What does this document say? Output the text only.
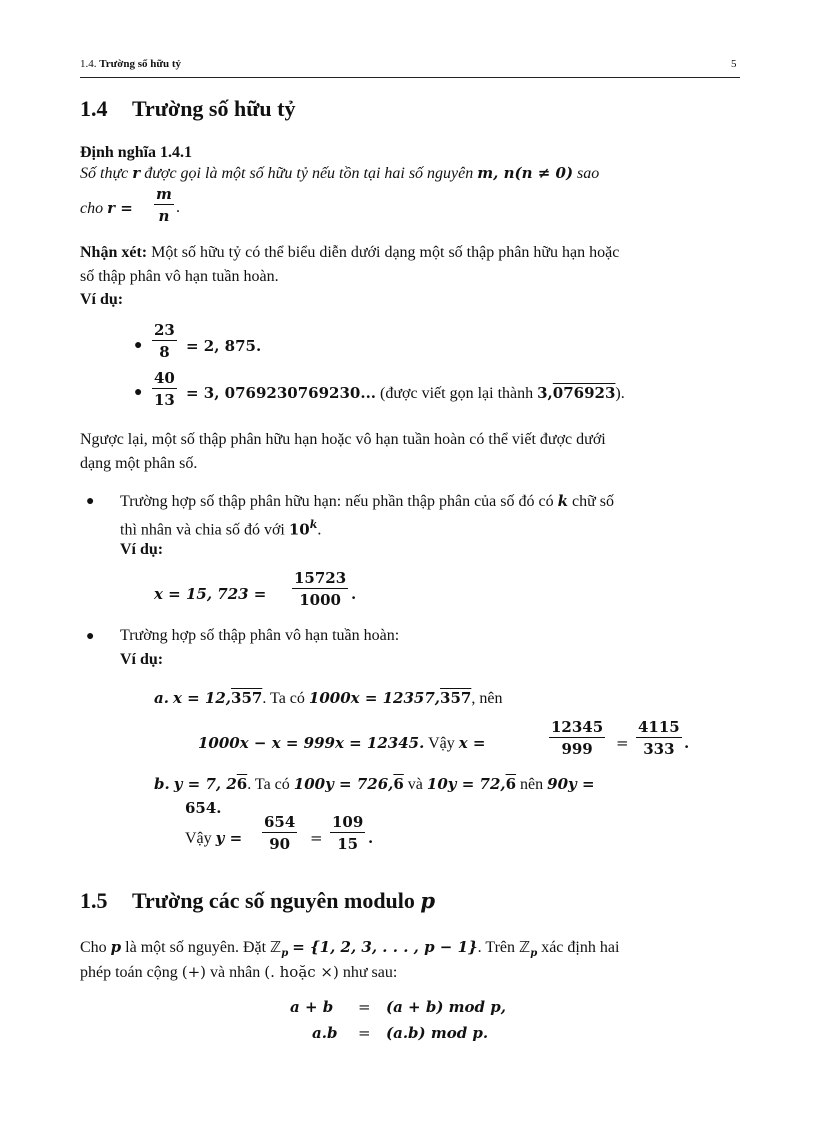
1.4. Trường số hữu tỷ	5
1.4 Trường số hữu tỷ
Định nghĩa 1.4.1
Số thực r được gọi là một số hữu tỷ nếu tồn tại hai số nguyên m, n(n ≠ 0) sao
cho r =
m
n .
Nhận xét: Một số hữu tỷ có thể biểu diễn dưới dạng một số thập phân hữu hạn hoặc
số thập phân vô hạn tuần hoàn.
Ví dụ:
●
23
8	= 2, 875.
●
40
13 = 3, 0769230769230... (được viết gọn lại thành 3,076923).
Ngược lại, một số thập phân hữu hạn hoặc vô hạn tuần hoàn có thể viết được dưới
dạng một phân số.
● Trường hợp số thập phân hữu hạn: nếu phần thập phân của số đó có k chữ số
thì nhân và chia số đó với 10$^k$.
Ví dụ:
x = 15, 723 =
15723
1000 .
● Trường hợp số thập phân vô hạn tuần hoàn:
Ví dụ:
a. x = 12,357. Ta có 1000x = 12357,357, nên
1000x − x = 999x = 12345. Vậy x =
12345
999	=
4115
333 .
b. y = 7, 26. Ta có 100y = 726,6 và 10y = 72,6 nên 90y =
654.
Vậy y =
654
90	=
109
15 .
1.5 Trường các số nguyên modulo p
Cho p là một số nguyên. Đặt ℤ$_p$ = {1, 2, 3, . . . , p − 1}. Trên ℤ$_p$ xác định hai
phép toán cộng (+) và nhân (. hoặc ×) như sau:
a + b = (a + b) mod p,
a.b = (a.b) mod p.
